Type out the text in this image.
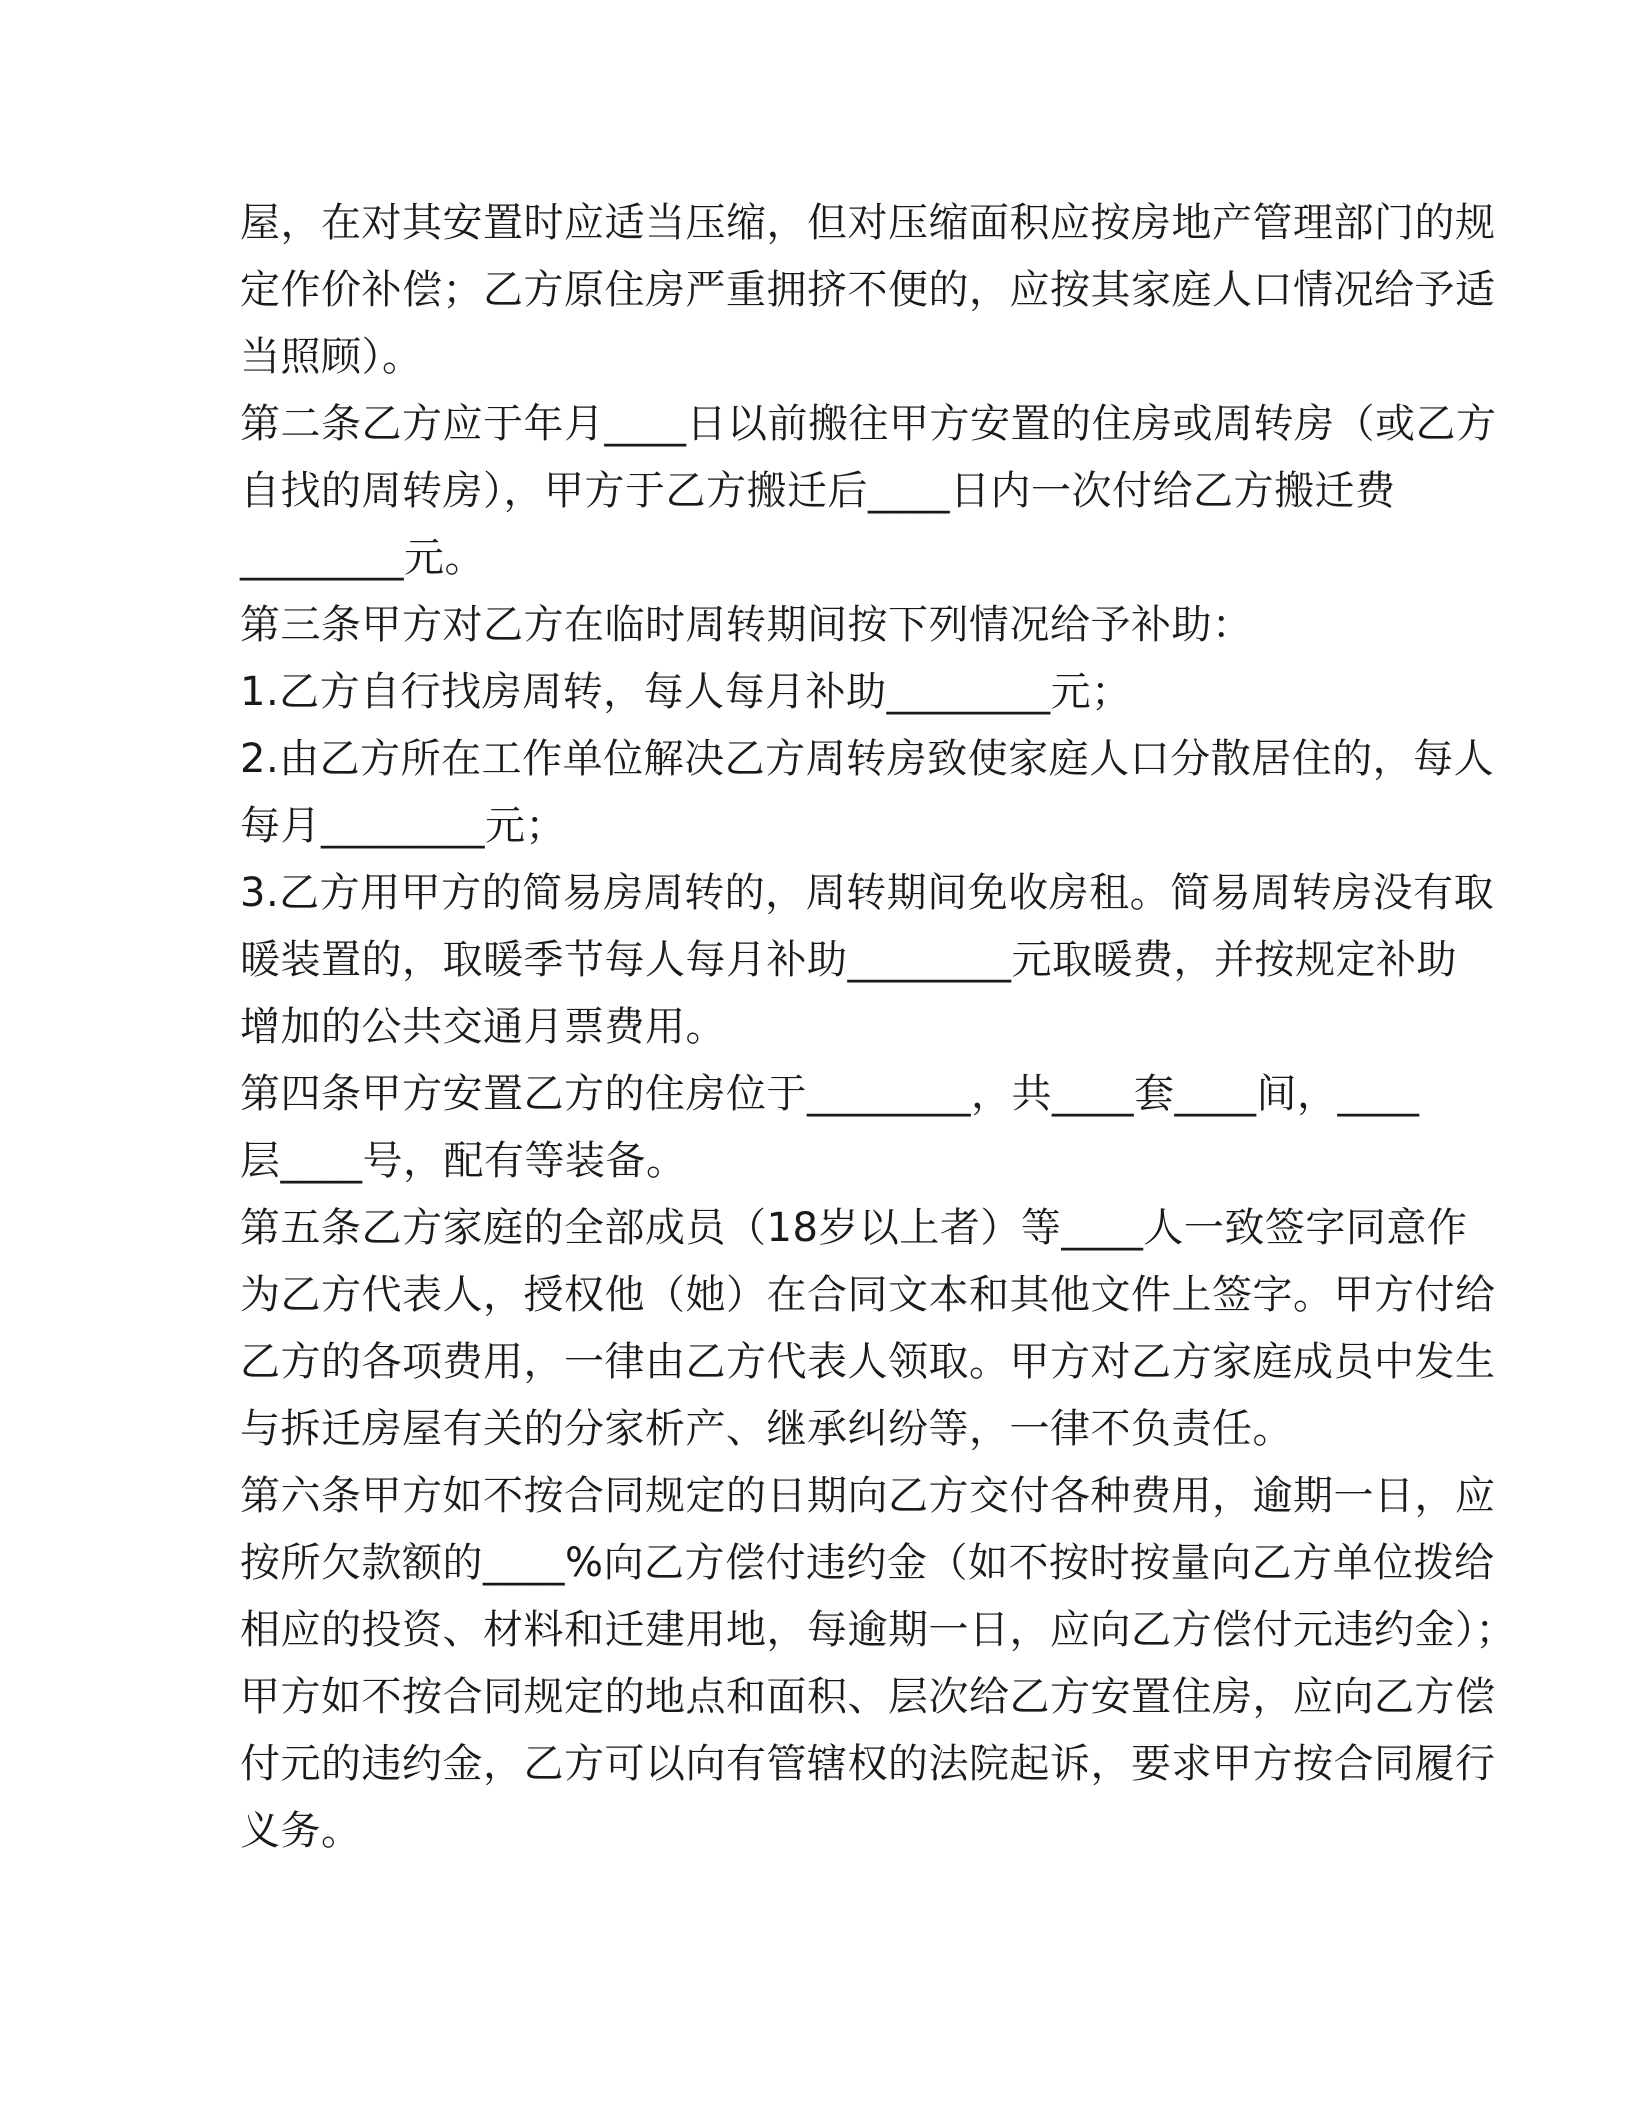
屋，在对其安置时应适当压缩，但对压缩面积应按房地产管理部门的规
定作价补偿；乙方原住房严重拥挤不便的，应按其家庭人口情况给予适
当照顾）。
第二条乙方应于年月____日以前搬往甲方安置的住房或周转房（或乙方
自找的周转房），甲方于乙方搬迁后____日内一次付给乙方搬迁费
________元。
第三条甲方对乙方在临时周转期间按下列情况给予补助：
1.乙方自行找房周转，每人每月补助________元；
2.由乙方所在工作单位解决乙方周转房致使家庭人口分散居住的，每人
每月________元；
3.乙方用甲方的简易房周转的，周转期间免收房租。简易周转房没有取
暖装置的，取暖季节每人每月补助________元取暖费，并按规定补助
增加的公共交通月票费用。
第四条甲方安置乙方的住房位于________，共____套____间，____
层____号，配有等装备。
第五条乙方家庭的全部成员（18岁以上者）等____人一致签字同意作
为乙方代表人，授权他（她）在合同文本和其他文件上签字。甲方付给
乙方的各项费用，一律由乙方代表人领取。甲方对乙方家庭成员中发生
与拆迁房屋有关的分家析产、继承纠纷等，一律不负责任。
第六条甲方如不按合同规定的日期向乙方交付各种费用，逾期一日，应
按所欠款额的____%向乙方偿付违约金（如不按时按量向乙方单位拨给
相应的投资、材料和迁建用地，每逾期一日，应向乙方偿付元违约金）；
甲方如不按合同规定的地点和面积、层次给乙方安置住房，应向乙方偿
付元的违约金，乙方可以向有管辖权的法院起诉，要求甲方按合同履行
义务。
